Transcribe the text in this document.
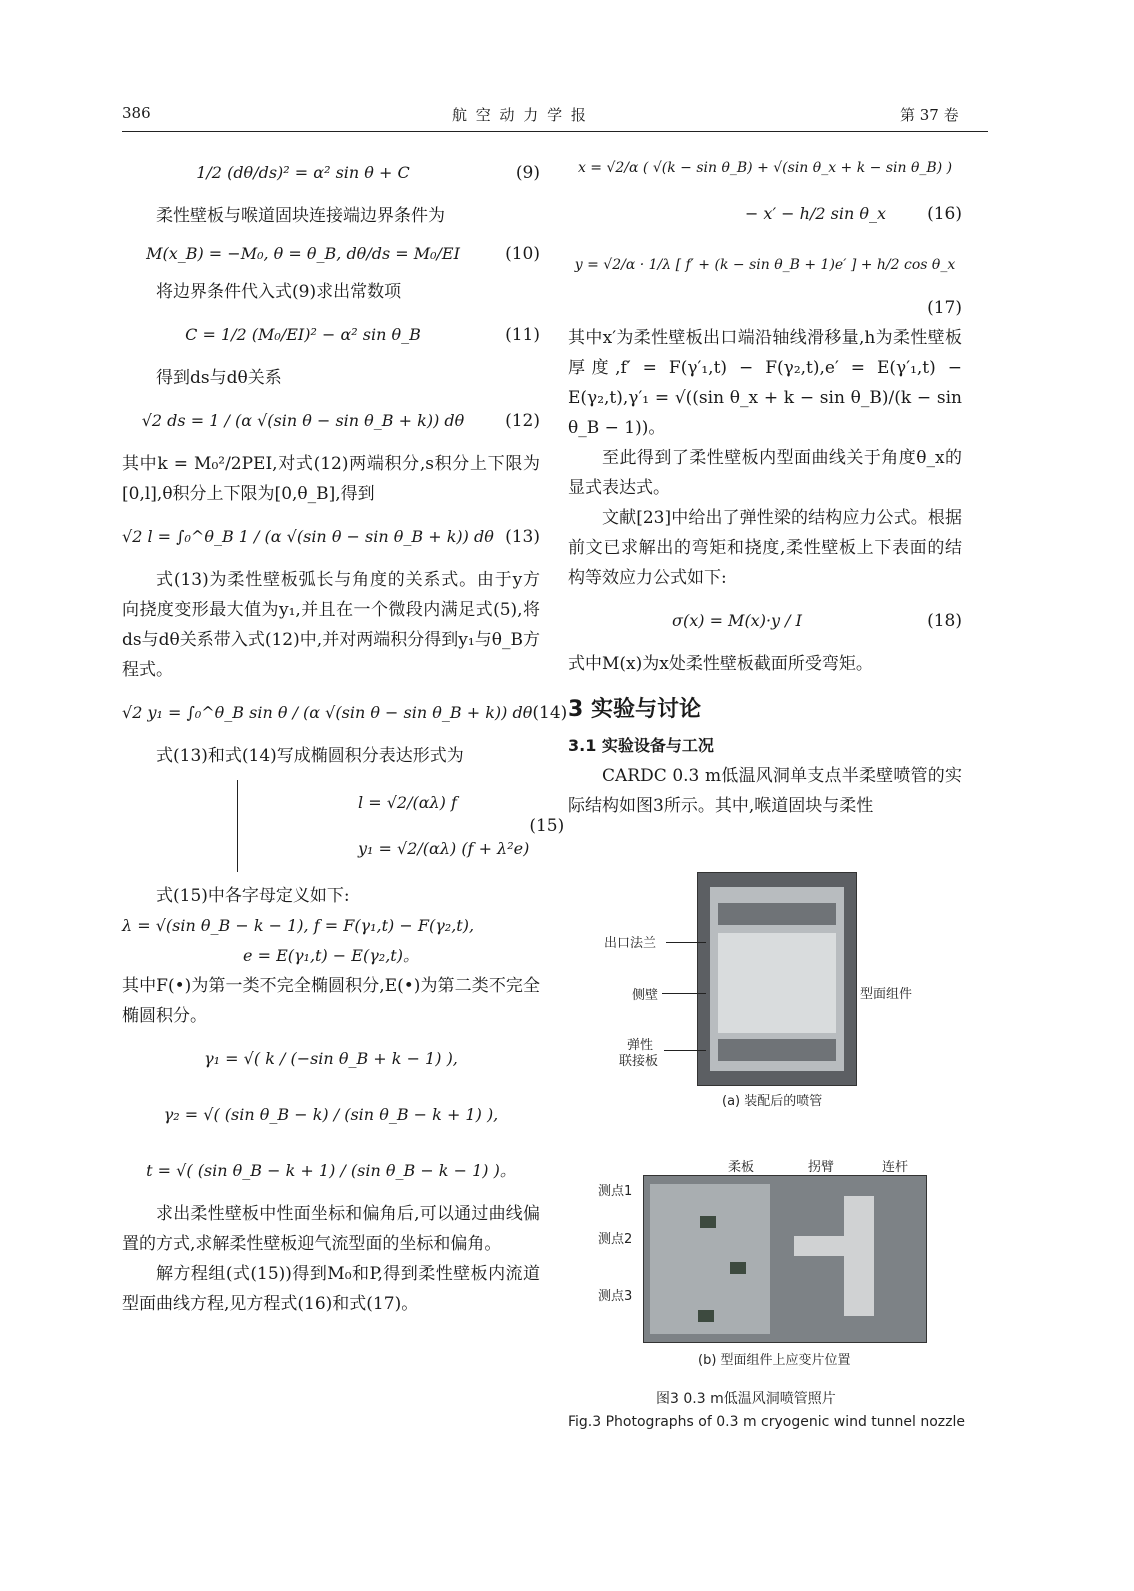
386	航 空 动 力 学 报	第 37 卷
1/2 (dθ/ds)² = α² sin θ + C	(9)

柔性壁板与喉道固块连接端边界条件为

M(x_B) = −M₀, θ = θ_B, dθ/ds = M₀/EI	(10)

将边界条件代入式(9)求出常数项

C = 1/2 (M₀/EI)² − α² sin θ_B	(11)

得到ds与dθ关系

√2 ds = 1 / (α √(sin θ − sin θ_B + k)) dθ	(12)

其中k = M₀²/2PEI,对式(12)两端积分,s积分上下限为[0,l],θ积分上下限为[0,θ_B],得到

√2 l = ∫₀^θ_B 1 / (α √(sin θ − sin θ_B + k)) dθ (13)

式(13)为柔性壁板弧长与角度的关系式。由于y方向挠度变形最大值为y₁,并且在一个微段内满足式(5),将ds与dθ关系带入式(12)中,并对两端积分得到y₁与θ_B方程式。

√2 y₁ = ∫₀^θ_B sin θ / (α √(sin θ − sin θ_B + k)) dθ (14)

式(13)和式(14)写成椭圆积分表达形式为

l = √2/(αλ) f
y₁ = √2/(αλ) (f + λ²e)
(15)

式(15)中各字母定义如下:

λ = √(sin θ_B − k − 1), f = F(γ₁,t) − F(γ₂,t),
e = E(γ₁,t) − E(γ₂,t)。

其中F(•)为第一类不完全椭圆积分,E(•)为第二类不完全椭圆积分。

γ₁ = √( k / (−sin θ_B + k − 1) ),
γ₂ = √( (sin θ_B − k) / (sin θ_B − k + 1) ),
t = √( (sin θ_B − k + 1) / (sin θ_B − k − 1) )。

求出柔性壁板中性面坐标和偏角后,可以通过曲线偏置的方式,求解柔性壁板迎气流型面的坐标和偏角。

解方程组(式(15))得到M₀和P,得到柔性壁板内流道型面曲线方程,见方程式(16)和式(17)。

x = √2/α ( √(k − sin θ_B) + √(sin θ_x + k − sin θ_B) )
− x′ − h/2 sin θ_x	(16)
y = √2/α · 1/λ [ f′ + (k − sin θ_B + 1)e′ ] + h/2 cos θ_x
(17)

其中x′为柔性壁板出口端沿轴线滑移量,h为柔性壁板厚度,f′ = F(γ′₁,t) − F(γ₂,t),e′ = E(γ′₁,t) − E(γ₂,t),γ′₁ = √((sin θ_x + k − sin θ_B)/(k − sin θ_B − 1))。

至此得到了柔性壁板内型面曲线关于角度θ_x的显式表达式。

文献[23]中给出了弹性梁的结构应力公式。根据前文已求解出的弯矩和挠度,柔性壁板上下表面的结构等效应力公式如下:

σ(x) = M(x)·y / I	(18)

式中M(x)为x处柔性壁板截面所受弯矩。

3 实验与讨论
3.1 实验设备与工况

CARDC 0.3 m低温风洞单支点半柔壁喷管的实际结构如图3所示。其中,喉道固块与柔性

出口法兰
侧壁	型面组件
弹性
联接板
(a) 装配后的喷管
柔板	拐臂	连杆
测点1
测点2
测点3
(b) 型面组件上应变片位置
图3 0.3 m低温风洞喷管照片
Fig.3 Photographs of 0.3 m cryogenic wind tunnel nozzle
